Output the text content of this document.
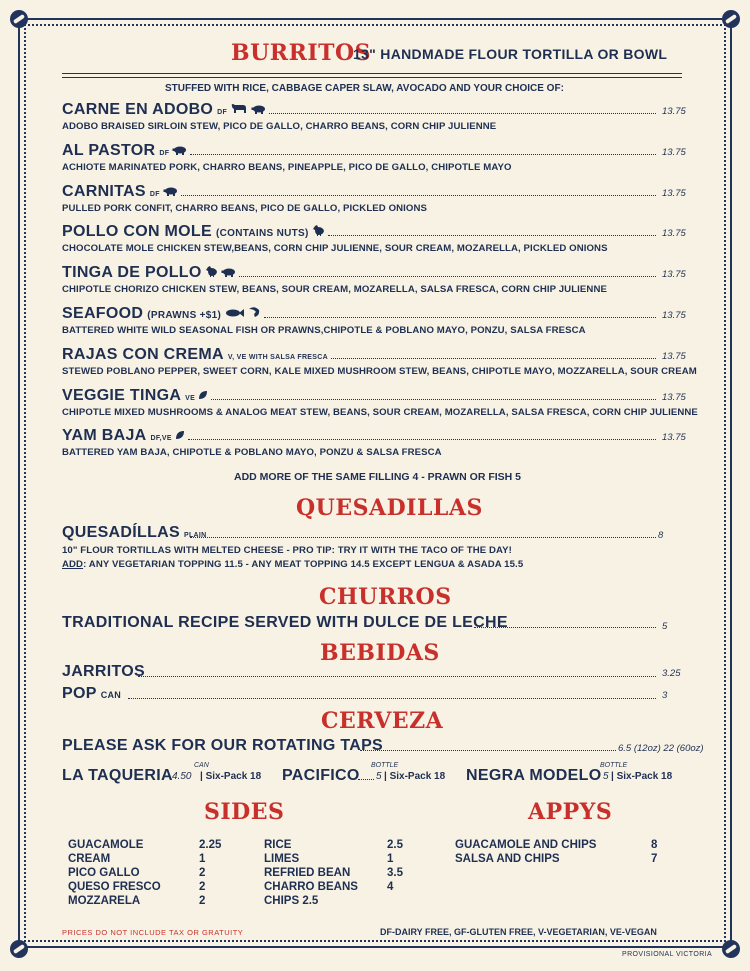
BURRITOS
13" HANDMADE FLOUR TORTILLA OR BOWL
STUFFED WITH RICE, CABBAGE CAPER SLAW, AVOCADO AND YOUR CHOICE OF:
CARNE EN ADOBO DF	13.75
ADOBO BRAISED SIRLOIN STEW, PICO DE GALLO, CHARRO BEANS, CORN CHIP JULIENNE
AL PASTOR DF	13.75
ACHIOTE MARINATED PORK, CHARRO BEANS, PINEAPPLE, PICO DE GALLO, CHIPOTLE MAYO
CARNITAS DF	13.75
PULLED PORK CONFIT, CHARRO BEANS, PICO DE GALLO, PICKLED ONIONS
POLLO CON MOLE (CONTAINS NUTS)	13.75
CHOCOLATE MOLE CHICKEN STEW,BEANS, CORN CHIP JULIENNE, SOUR CREAM, MOZARELLA, PICKLED ONIONS
TINGA DE POLLO	13.75
CHIPOTLE CHORIZO CHICKEN STEW, BEANS, SOUR CREAM, MOZARELLA, SALSA FRESCA, CORN CHIP JULIENNE
SEAFOOD (PRAWNS +$1)	13.75
BATTERED WHITE WILD SEASONAL FISH OR PRAWNS,CHIPOTLE & POBLANO MAYO, PONZU, SALSA FRESCA
RAJAS CON CREMA V, VE WITH SALSA FRESCA	13.75
STEWED POBLANO PEPPER, SWEET CORN, KALE MIXED MUSHROOM STEW, BEANS, CHIPOTLE MAYO, MOZZARELLA, SOUR CREAM
VEGGIE TINGA VE	13.75
CHIPOTLE MIXED MUSHROOMS & ANALOG MEAT STEW, BEANS, SOUR CREAM, MOZARELLA, SALSA FRESCA, CORN CHIP JULIENNE
YAM BAJA DF,VE	13.75
BATTERED YAM BAJA, CHIPOTLE & POBLANO MAYO, PONZU & SALSA FRESCA
ADD MORE OF THE SAME FILLING 4 - PRAWN OR FISH 5
QUESADILLAS
QUESADÍLLAS PLAIN	8
10" FLOUR TORTILLAS WITH MELTED CHEESE - PRO TIP: TRY IT WITH THE TACO OF THE DAY!
ADD: ANY VEGETARIAN TOPPING 11.5 - ANY MEAT TOPPING 14.5 EXCEPT LENGUA & ASADA 15.5
CHURROS
TRADITIONAL RECIPE SERVED WITH DULCE DE LECHE	5
BEBIDAS
JARRITOS	3.25
POP CAN	3
CERVEZA
PLEASE ASK FOR OUR ROTATING TAPS	6.5 (12oz) 22 (60oz)
LA TAQUERIA
CAN
4.50 | Six-Pack 18 PACIFICO
BOTTLE
5 | Six-Pack 18 NEGRA MODELO
BOTTLE
5 | Six-Pack 18
SIDES	APPYS
GUACAMOLE	2.25
CREAM	1
PICO GALLO	2
QUESO FRESCO	2
MOZZARELA	2
RICE	2.5
LIMES	1
REFRIED BEAN	3.5
CHARRO BEANS	4
CHIPS 2.5
GUACAMOLE AND CHIPS	8
SALSA AND CHIPS	7
PRICES DO NOT INCLUDE TAX OR GRATUITY	DF-DAIRY FREE, GF-GLUTEN FREE, V-VEGETARIAN, VE-VEGAN
PROVISIONAL VICTORIA
